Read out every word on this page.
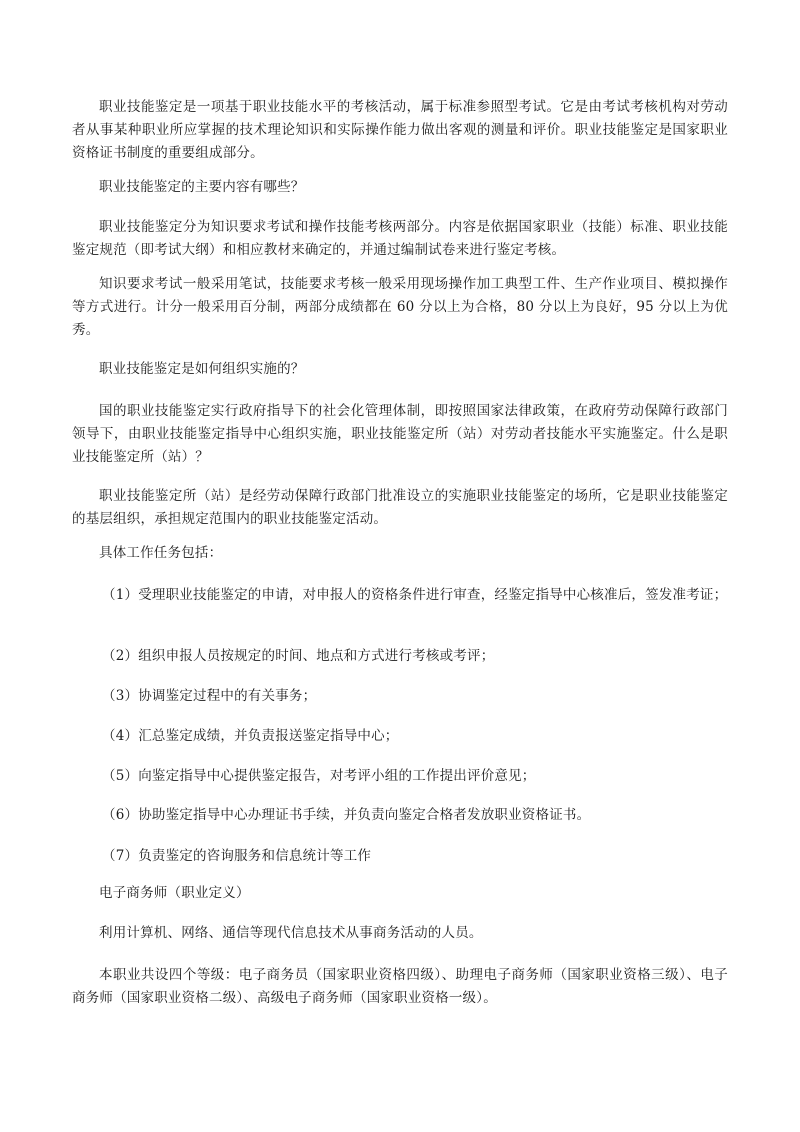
职业技能鉴定是一项基于职业技能水平的考核活动，属于标准参照型考试。它是由考试考核机构对劳动者从事某种职业所应掌握的技术理论知识和实际操作能力做出客观的测量和评价。职业技能鉴定是国家职业资格证书制度的重要组成部分。

职业技能鉴定的主要内容有哪些？

职业技能鉴定分为知识要求考试和操作技能考核两部分。内容是依据国家职业（技能）标准、职业技能鉴定规范（即考试大纲）和相应教材来确定的，并通过编制试卷来进行鉴定考核。

知识要求考试一般采用笔试，技能要求考核一般采用现场操作加工典型工件、生产作业项目、模拟操作等方式进行。计分一般采用百分制，两部分成绩都在 60 分以上为合格，80 分以上为良好，95 分以上为优秀。

职业技能鉴定是如何组织实施的？

国的职业技能鉴定实行政府指导下的社会化管理体制，即按照国家法律政策，在政府劳动保障行政部门领导下，由职业技能鉴定指导中心组织实施，职业技能鉴定所（站）对劳动者技能水平实施鉴定。什么是职业技能鉴定所（站）？

职业技能鉴定所（站）是经劳动保障行政部门批准设立的实施职业技能鉴定的场所，它是职业技能鉴定的基层组织，承担规定范围内的职业技能鉴定活动。

具体工作任务包括：

（1）受理职业技能鉴定的申请，对申报人的资格条件进行审查，经鉴定指导中心核准后，签发准考证；

（2）组织申报人员按规定的时间、地点和方式进行考核或考评；

（3）协调鉴定过程中的有关事务；

（4）汇总鉴定成绩，并负责报送鉴定指导中心；

（5）向鉴定指导中心提供鉴定报告，对考评小组的工作提出评价意见；

（6）协助鉴定指导中心办理证书手续，并负责向鉴定合格者发放职业资格证书。

（7）负责鉴定的咨询服务和信息统计等工作

电子商务师（职业定义）

利用计算机、网络、通信等现代信息技术从事商务活动的人员。

本职业共设四个等级：电子商务员（国家职业资格四级）、助理电子商务师（国家职业资格三级）、电子商务师（国家职业资格二级）、高级电子商务师（国家职业资格一级）。
